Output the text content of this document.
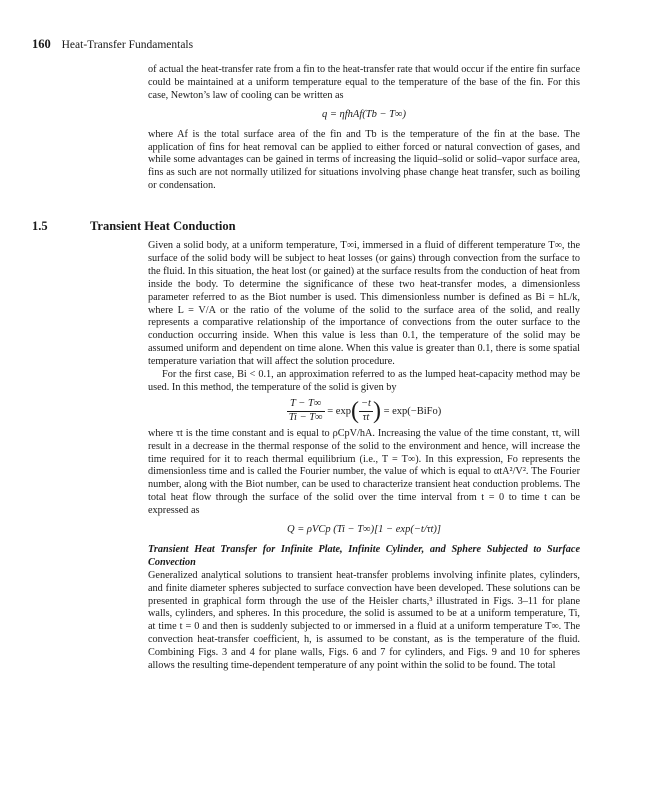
160 Heat-Transfer Fundamentals

of actual the heat-transfer rate from a fin to the heat-transfer rate that would occur if the entire fin surface could be maintained at a uniform temperature equal to the temperature of the base of the fin. For this case, Newton’s law of cooling can be written as

q = ηfhAf(Tb − T∞)

where Af is the total surface area of the fin and Tb is the temperature of the fin at the base. The application of fins for heat removal can be applied to either forced or natural convection of gases, and while some advantages can be gained in terms of increasing the liquid–solid or solid–vapor surface area, fins as such are not normally utilized for situations involving phase change heat transfer, such as boiling or condensation.

1.5	Transient Heat Conduction

Given a solid body, at a uniform temperature, T∞i, immersed in a fluid of different temperature T∞, the surface of the solid body will be subject to heat losses (or gains) through convection from the surface to the fluid. In this situation, the heat lost (or gained) at the surface results from the conduction of heat from inside the body. To determine the significance of these two heat-transfer modes, a dimensionless parameter referred to as the Biot number is used. This dimensionless number is defined as Bi = hL/k, where L = V/A or the ratio of the volume of the solid to the surface area of the solid, and really represents a comparative relationship of the importance of convections from the outer surface to the conduction occurring inside. When this value is less than 0.1, the temperature of the solid may be assumed uniform and dependent on time alone. When this value is greater than 0.1, there is some spatial temperature variation that will affect the solution procedure.

For the first case, Bi < 0.1, an approximation referred to as the lumped heat-capacity method may be used. In this method, the temperature of the solid is given by

$\frac{T - T\infty}{Ti - T\infty} = \exp( \frac{-t}{\tau t}$ ) = exp(−BiFo)

where τt is the time constant and is equal to ρCpV/hA. Increasing the value of the time constant, τt, will result in a decrease in the thermal response of the solid to the environment and hence, will increase the time required for it to reach thermal equilibrium (i.e., T = T∞). In this expression, Fo represents the dimensionless time and is called the Fourier number, the value of which is equal to αtA²/V². The Fourier number, along with the Biot number, can be used to characterize transient heat conduction problems. The total heat flow through the surface of the solid over the time interval from t = 0 to time t can be expressed as

Q = ρVCp (Ti − T∞)[1 − exp(−t/τt)]

Transient Heat Transfer for Infinite Plate, Infinite Cylinder, and Sphere Subjected to Surface Convection

Generalized analytical solutions to transient heat-transfer problems involving infinite plates, cylinders, and finite diameter spheres subjected to surface convection have been developed. These solutions can be presented in graphical form through the use of the Heisler charts,³ illustrated in Figs. 3–11 for plane walls, cylinders, and spheres. In this procedure, the solid is assumed to be at a uniform temperature, Ti, at time t = 0 and then is suddenly subjected to or immersed in a fluid at a uniform temperature T∞. The convection heat-transfer coefficient, h, is assumed to be constant, as is the temperature of the fluid. Combining Figs. 3 and 4 for plane walls, Figs. 6 and 7 for cylinders, and Figs. 9 and 10 for spheres allows the resulting time-dependent temperature of any point within the solid to be found. The total
